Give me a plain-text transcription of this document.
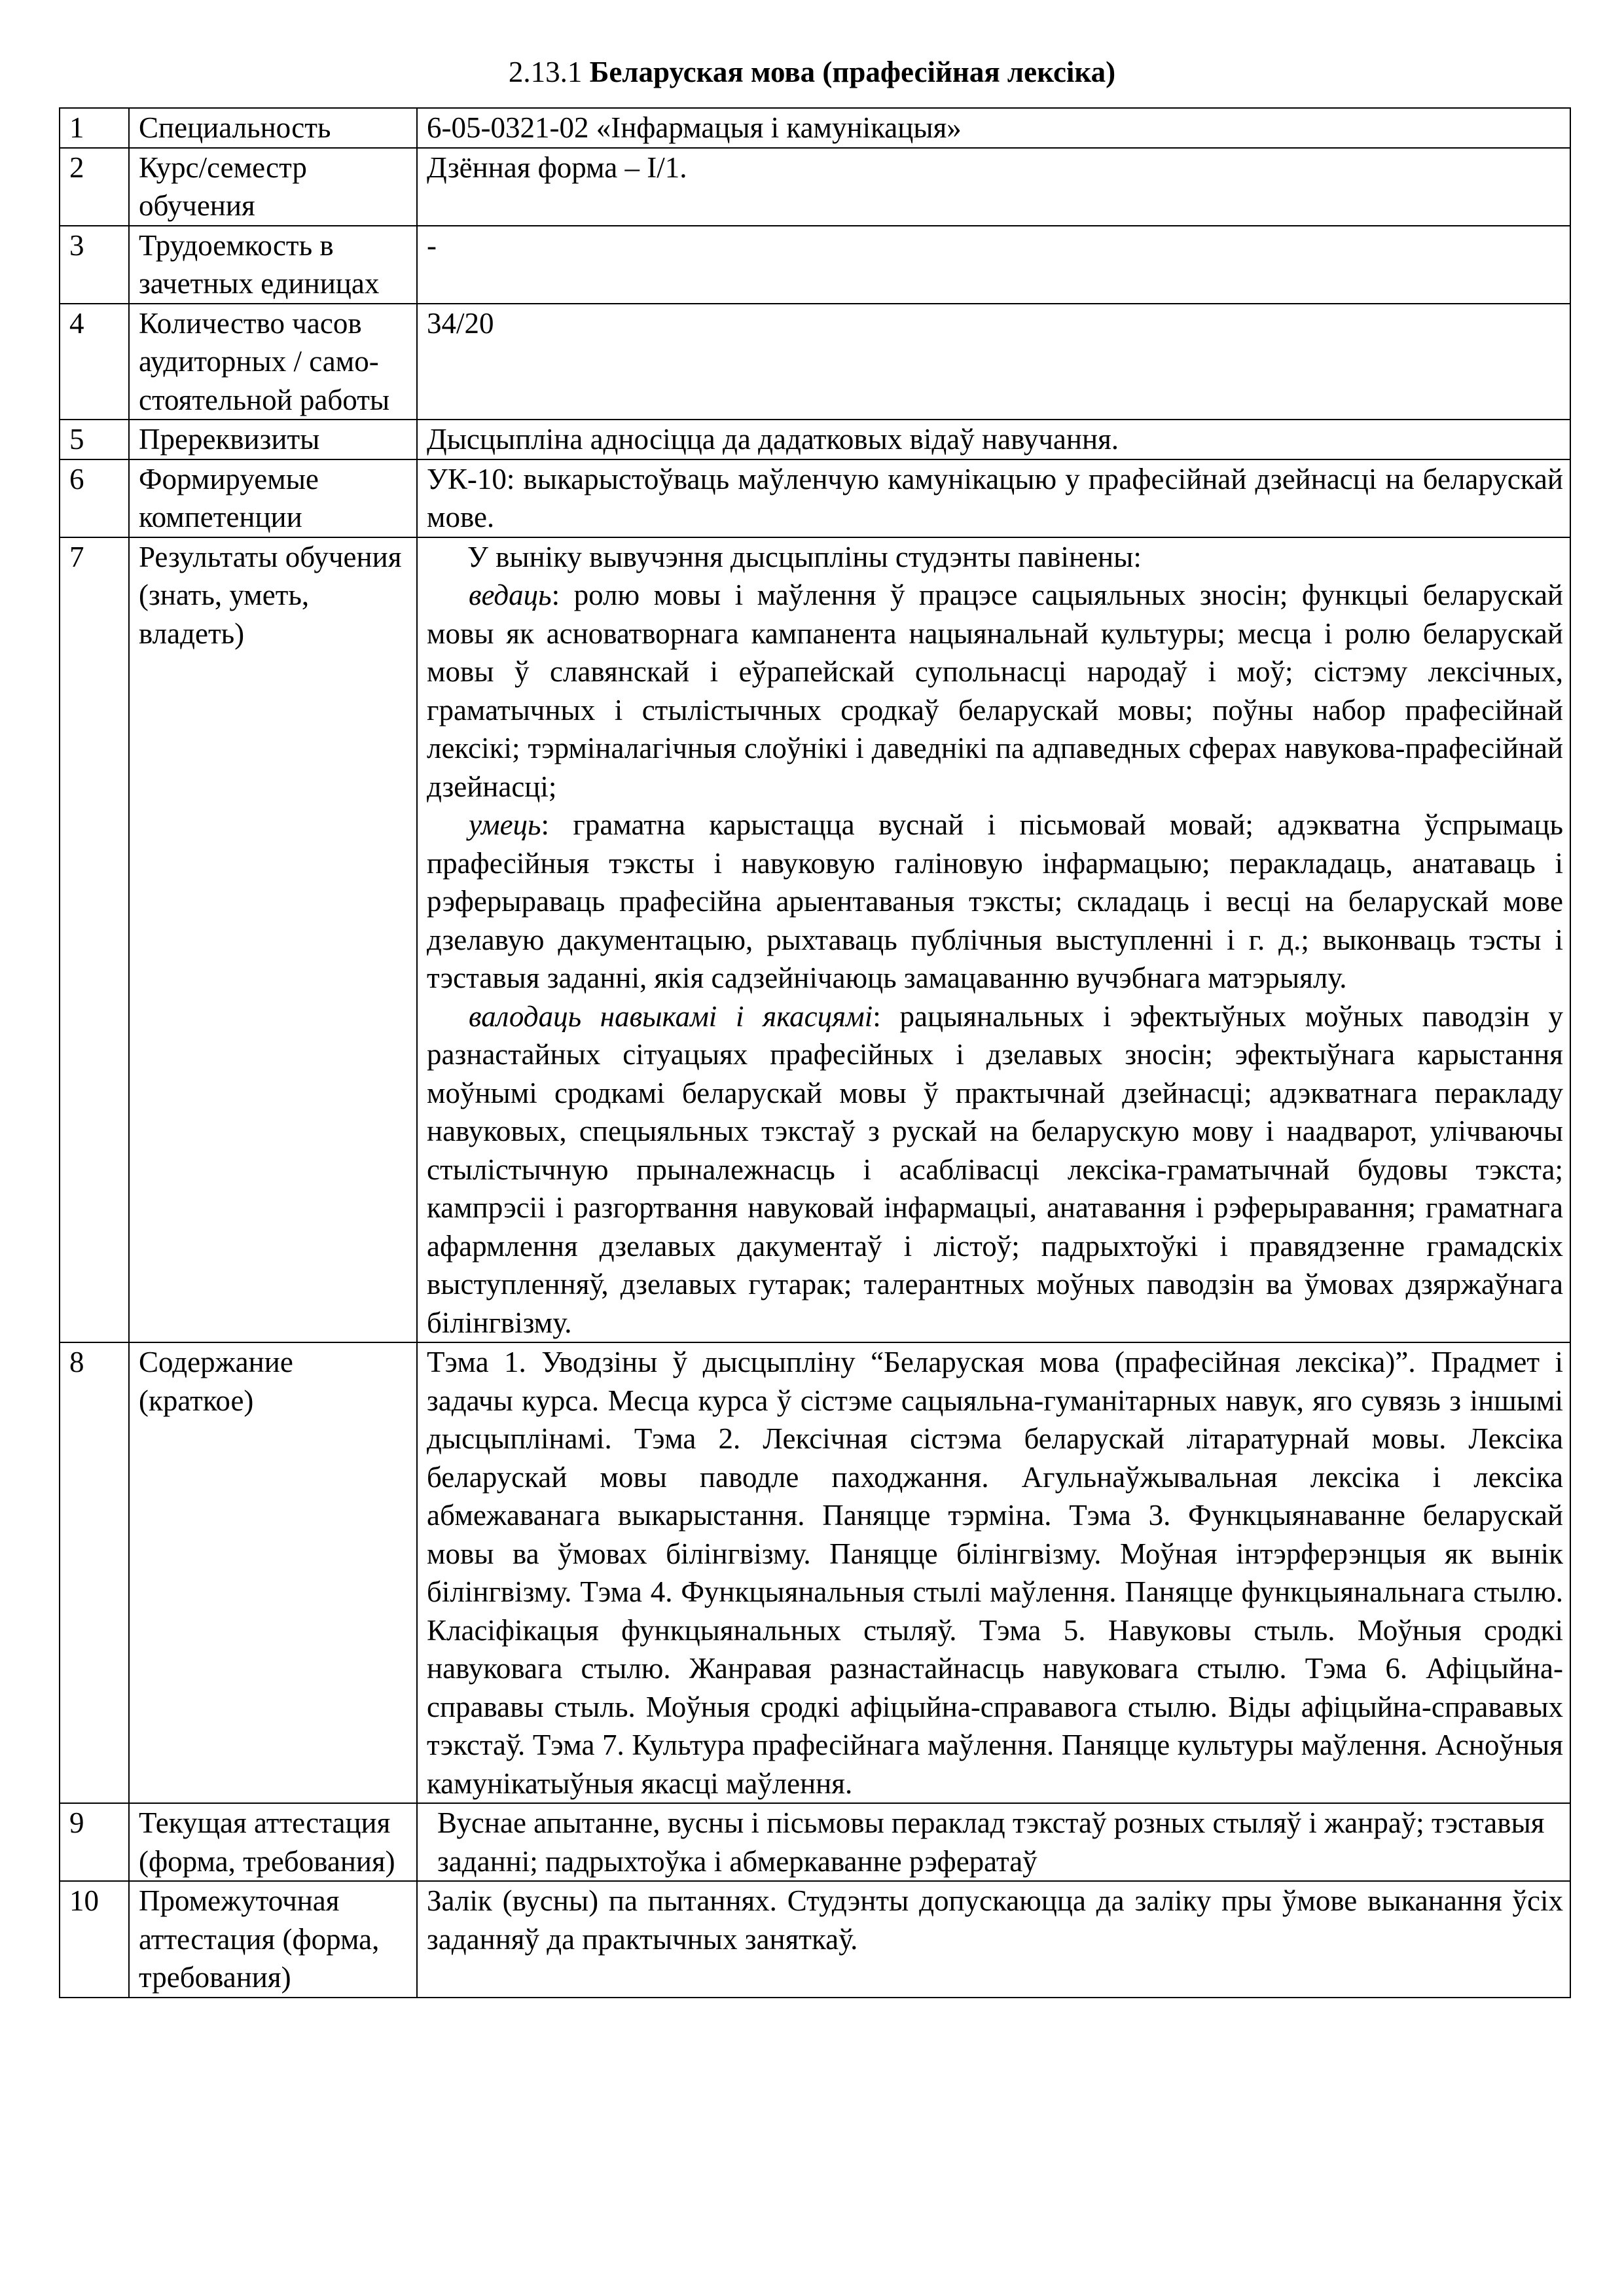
2.13.1 Беларуская мова (прафесійная лексіка)
1	Специальность	6-05-0321-02 «Інфармацыя і камунікацыя»
2	Курс/семестр обучения	Дзённая форма – I/1.
3	Трудоемкость в зачетных единицах	-
4	Количество часов аудиторных / само-стоятельной работы	34/20
5	Пререквизиты	Дысцыпліна адносіцца да дадатковых відаў навучання.
6	Формируемые компетенции	УК-10: выкарыстоўваць маўленчую камунікацыю у прафесійнай дзейнасці на беларускай мове.
7	Результаты обучения (знать, уметь, владеть)	У выніку вывучэння дысцыпліны студэнты павінены:

ведаць: ролю мовы і маўлення ў працэсе сацыяльных зносін; функцыі беларускай мовы як асноватворнага кампанента нацыянальнай культуры; месца і ролю беларускай мовы ў славянскай і еўрапейскай супольнасці народаў і моў; сістэму лексічных, граматычных і стылістычных сродкаў беларускай мовы; поўны набор прафесійнай лексікі; тэрміналагічныя слоўнікі і даведнікі па адпаведных сферах навукова-прафесійнай дзейнасці;

умець: граматна карыстацца вуснай і пісьмовай мовай; адэкватна ўспрымаць прафесійныя тэксты і навуковую галіновую інфармацыю; перакладаць, анатаваць і рэферыраваць прафесійна арыентаваныя тэксты; складаць і весці на беларускай мове дзелавую дакументацыю, рыхтаваць публічныя выступленні і г. д.; выконваць тэсты і тэставыя заданні, якія садзейнічаюць замацаванню вучэбнага матэрыялу.

валодаць навыкамі і якасцямі: рацыянальных і эфектыўных моўных паводзін у разнастайных сітуацыях прафесійных і дзелавых зносін; эфектыўнага карыстання моўнымі сродкамі беларускай мовы ў практычнай дзейнасці; адэкватнага перакладу навуковых, спецыяльных тэкстаў з рускай на беларускую мову і наадварот, улічваючы стылістычную прыналежнасць і асаблівасці лексіка-граматычнай будовы тэкста; кампрэсіі і разгортвання навуковай інфармацыі, анатавання і рэферыравання; граматнага афармлення дзелавых дакументаў і лістоў; падрыхтоўкі і правядзенне грамадскіх выступленняў, дзелавых гутарак; талерантных моўных паводзін ва ўмовах дзяржаўнага білінгвізму.

8	Содержание (краткое)	Тэма 1. Уводзіны ў дысцыпліну “Беларуская мова (прафесійная лексіка)”. Прадмет і задачы курса. Месца курса ў сістэме сацыяльна-гуманітарных навук, яго сувязь з іншымі дысцыплінамі. Тэма 2. Лексічная сістэма беларускай літаратурнай мовы. Лексіка беларускай мовы паводле паходжання. Агульнаўжывальная лексіка і лексіка абмежаванага выкарыстання. Паняцце тэрміна. Тэма 3. Функцыянаванне беларускай мовы ва ўмовах білінгвізму. Паняцце білінгвізму. Моўная інтэрферэнцыя як вынік білінгвізму. Тэма 4. Функцыянальныя стылі маўлення. Паняцце функцыянальнага стылю. Класіфікацыя функцыянальных стыляў. Тэма 5. Навуковы стыль. Моўныя сродкі навуковага стылю. Жанравая разнастайнасць навуковага стылю. Тэма 6. Афіцыйна-справавы стыль. Моўныя сродкі афіцыйна-справавога стылю. Віды афіцыйна-справавых тэкстаў. Тэма 7. Культура прафесійнага маўлення. Паняцце культуры маўлення. Асноўныя камунікатыўныя якасці маўлення.
9	Текущая аттестация (форма, требования)	Вуснае апытанне, вусны і пісьмовы пераклад тэкстаў розных стыляў і жанраў; тэставыя заданні; падрыхтоўка і абмеркаванне рэфератаў
10	Промежуточная аттестация (форма, требования)	Залік (вусны) па пытаннях. Студэнты допускаюцца да заліку пры ўмове выканання ўсіх заданняў да практычных заняткаў.
